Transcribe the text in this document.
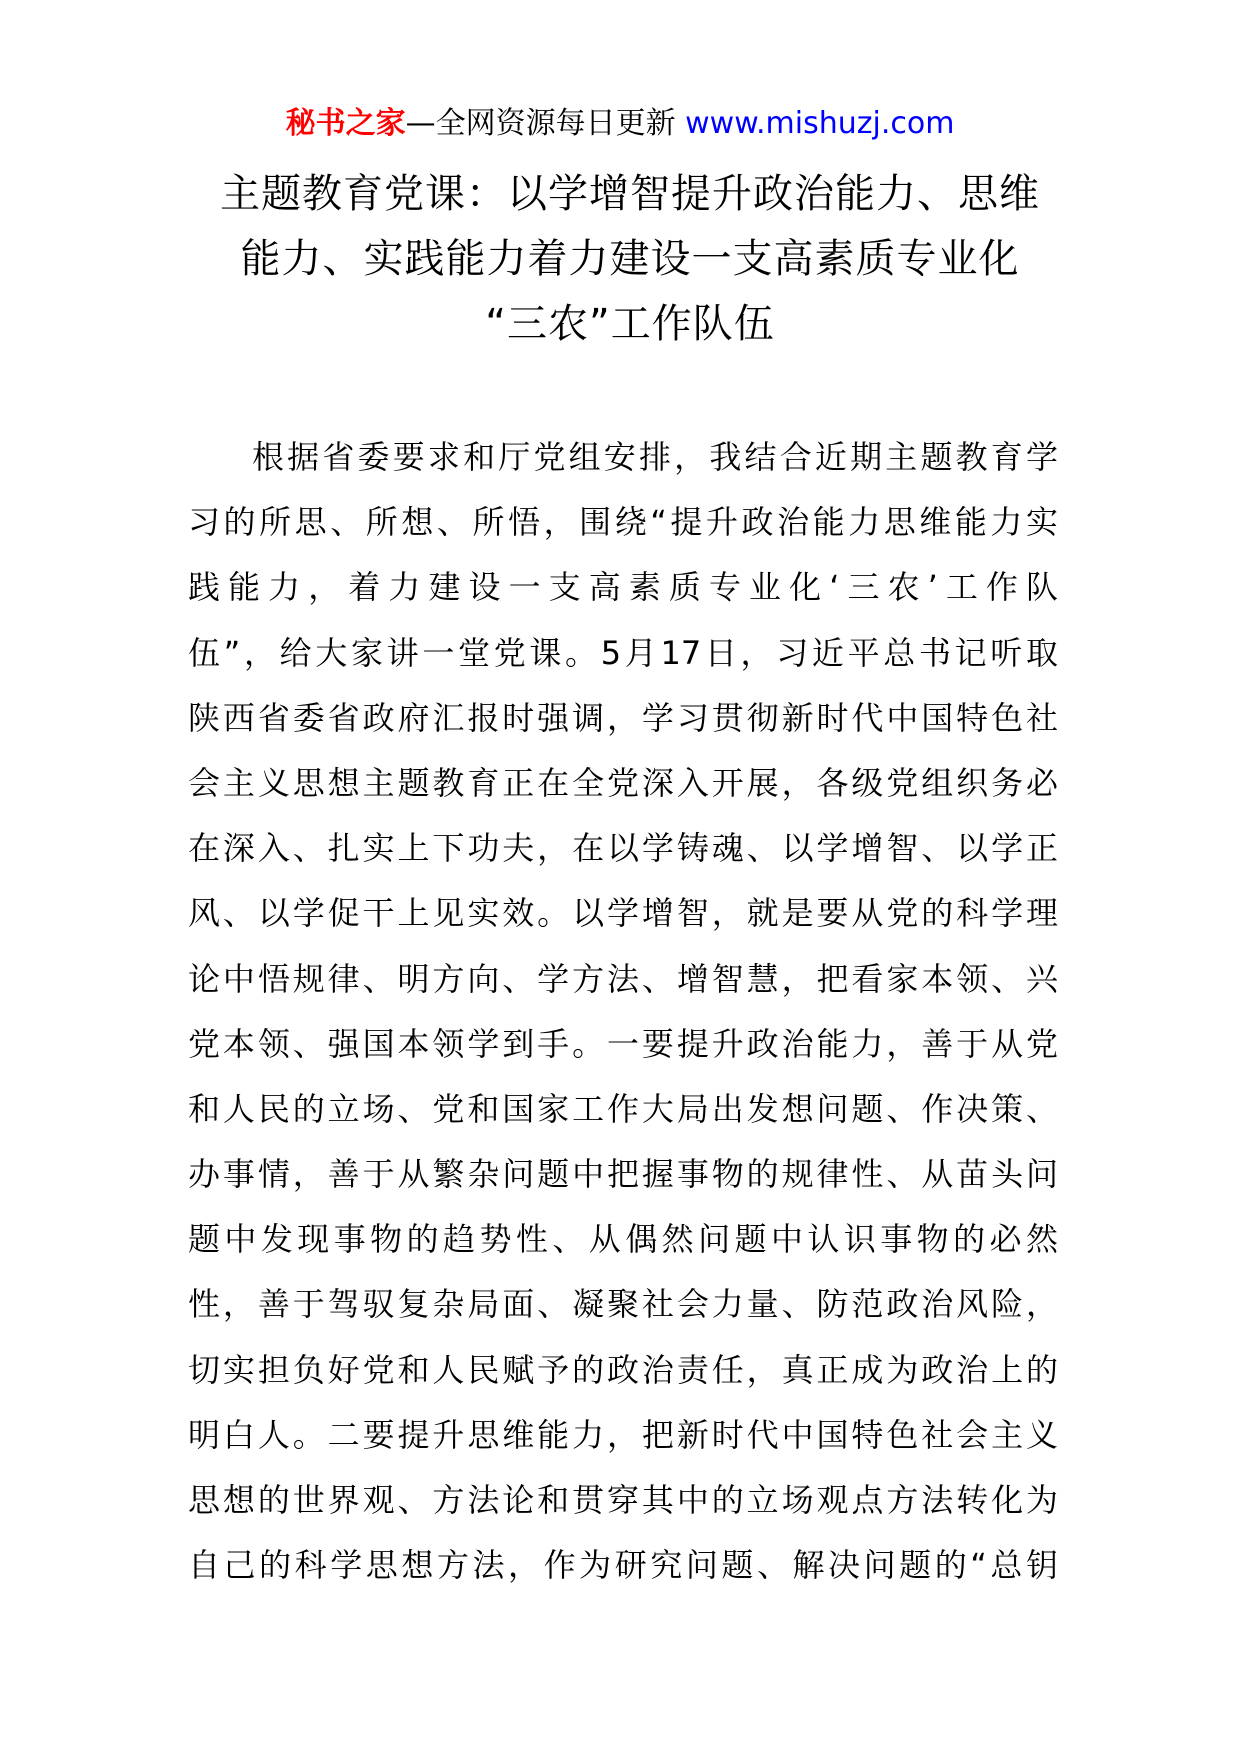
秘书之家—全网资源每日更新 www.mishuzj.com
主题教育党课：以学增智提升政治能力、思维
能力、实践能力着力建设一支高素质专业化
“三农”工作队伍
根据省委要求和厅党组安排，我结合近期主题教育学
习的所思、所想、所悟，围绕“提升政治能力思维能力实
践能力，着力建设一支高素质专业化‘三农’工作队
伍”，给大家讲一堂党课。5月17日，习近平总书记听取
陕西省委省政府汇报时强调，学习贯彻新时代中国特色社
会主义思想主题教育正在全党深入开展，各级党组织务必
在深入、扎实上下功夫，在以学铸魂、以学增智、以学正
风、以学促干上见实效。以学增智，就是要从党的科学理
论中悟规律、明方向、学方法、增智慧，把看家本领、兴
党本领、强国本领学到手。一要提升政治能力，善于从党
和人民的立场、党和国家工作大局出发想问题、作决策、
办事情，善于从繁杂问题中把握事物的规律性、从苗头问
题中发现事物的趋势性、从偶然问题中认识事物的必然
性，善于驾驭复杂局面、凝聚社会力量、防范政治风险，
切实担负好党和人民赋予的政治责任，真正成为政治上的
明白人。二要提升思维能力，把新时代中国特色社会主义
思想的世界观、方法论和贯穿其中的立场观点方法转化为
自己的科学思想方法，作为研究问题、解决问题的“总钥
